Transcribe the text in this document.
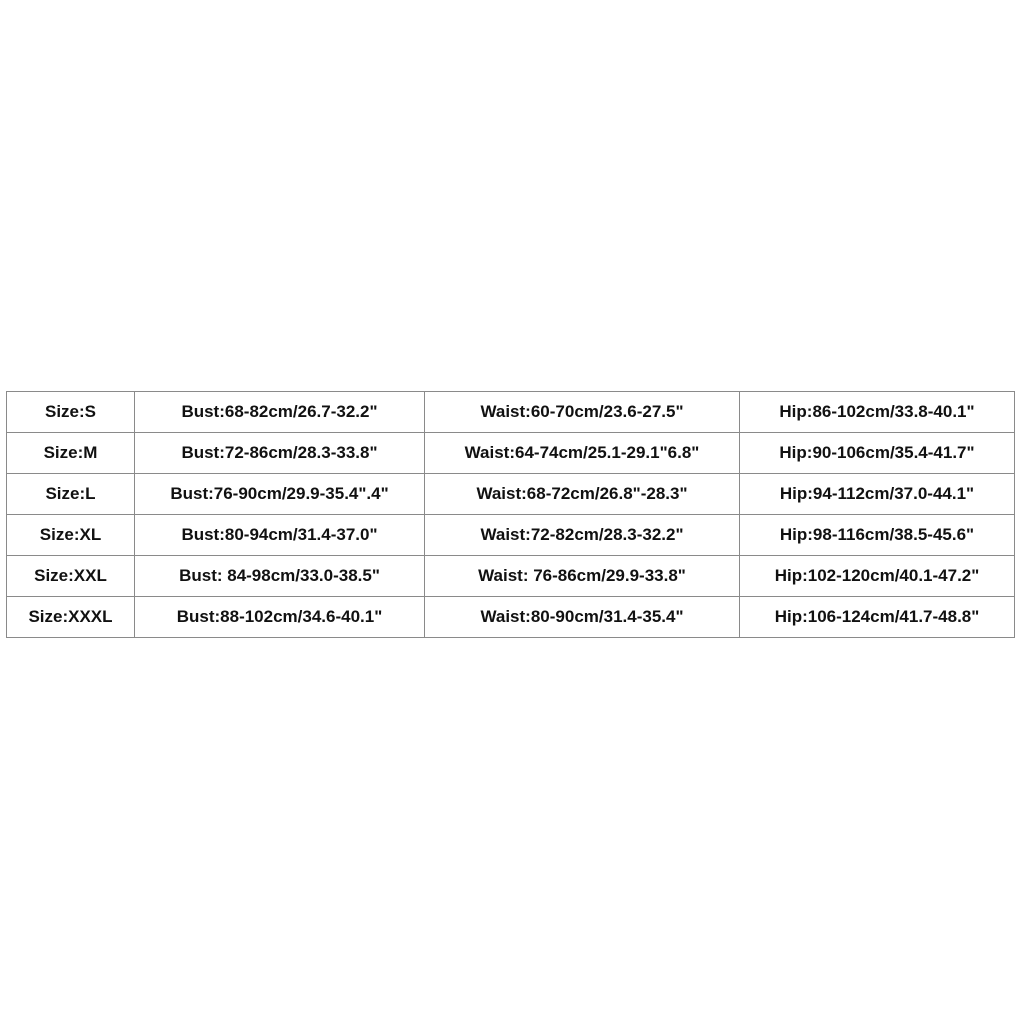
Size:S	Bust:68-82cm/26.7-32.2"	Waist:60-70cm/23.6-27.5"	Hip:86-102cm/33.8-40.1"
Size:M	Bust:72-86cm/28.3-33.8"	Waist:64-74cm/25.1-29.1"6.8"	Hip:90-106cm/35.4-41.7"
Size:L	Bust:76-90cm/29.9-35.4".4"	Waist:68-72cm/26.8"-28.3"	Hip:94-112cm/37.0-44.1"
Size:XL	Bust:80-94cm/31.4-37.0"	Waist:72-82cm/28.3-32.2"	Hip:98-116cm/38.5-45.6"
Size:XXL	Bust: 84-98cm/33.0-38.5"	Waist: 76-86cm/29.9-33.8"	Hip:102-120cm/40.1-47.2"
Size:XXXL	Bust:88-102cm/34.6-40.1"	Waist:80-90cm/31.4-35.4"	Hip:106-124cm/41.7-48.8"
